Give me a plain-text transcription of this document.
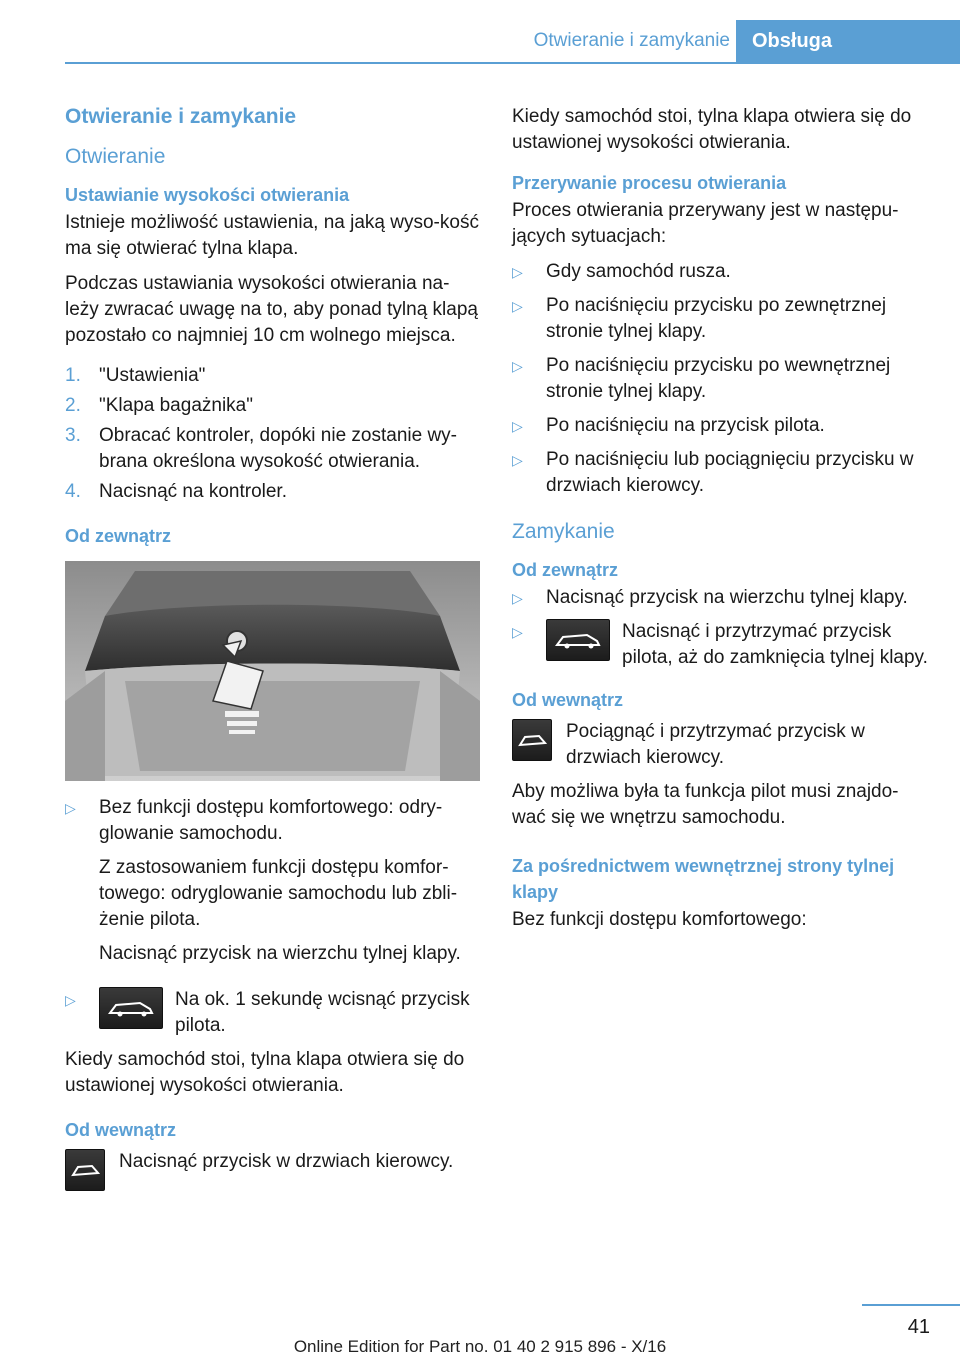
Otwieranie i zamykanie	Obsługa
Otwieranie i zamykanie
Otwieranie
Ustawianie wysokości otwierania
Istnieje możliwość ustawienia, na jaką wyso-kość ma się otwierać tylna klapa.
Podczas ustawiania wysokości otwierania na-leży zwracać uwagę na to, aby ponad tylną klapą pozostało co najmniej 10 cm wolnego miejsca.
1. "Ustawienia"
2. "Klapa bagażnika"
3. Obracać kontroler, dopóki nie zostanie wy-brana określona wysokość otwierania.
4. Nacisnąć na kontroler.
Od zewnątrz
▷	Bez funkcji dostępu komfortowego: odry-glowanie samochodu.
Z zastosowaniem funkcji dostępu komfor-towego: odryglowanie samochodu lub zbli-żenie pilota.
Nacisnąć przycisk na wierzchu tylnej klapy.
▷	Na ok. 1 sekundę wcisnąć przycisk pilota.
Kiedy samochód stoi, tylna klapa otwiera się do ustawionej wysokości otwierania.
Od wewnątrz
Nacisnąć przycisk w drzwiach kierowcy.
Kiedy samochód stoi, tylna klapa otwiera się do ustawionej wysokości otwierania.
Przerywanie procesu otwierania
Proces otwierania przerywany jest w następu-jących sytuacjach:
▷	Gdy samochód rusza.
▷	Po naciśnięciu przycisku po zewnętrznej stronie tylnej klapy.
▷	Po naciśnięciu przycisku po wewnętrznej stronie tylnej klapy.
▷	Po naciśnięciu na przycisk pilota.
▷	Po naciśnięciu lub pociągnięciu przycisku w drzwiach kierowcy.
Zamykanie
Od zewnątrz
▷	Nacisnąć przycisk na wierzchu tylnej klapy.
▷	Nacisnąć i przytrzymać przycisk pilota, aż do zamknięcia tylnej klapy.
Od wewnątrz
Pociągnąć i przytrzymać przycisk w drzwiach kierowcy.
Aby możliwa była ta funkcja pilot musi znajdo-wać się we wnętrzu samochodu.
Za pośrednictwem wewnętrznej strony tylnej klapy
Bez funkcji dostępu komfortowego:
41
Online Edition for Part no. 01 40 2 915 896 - X/16
